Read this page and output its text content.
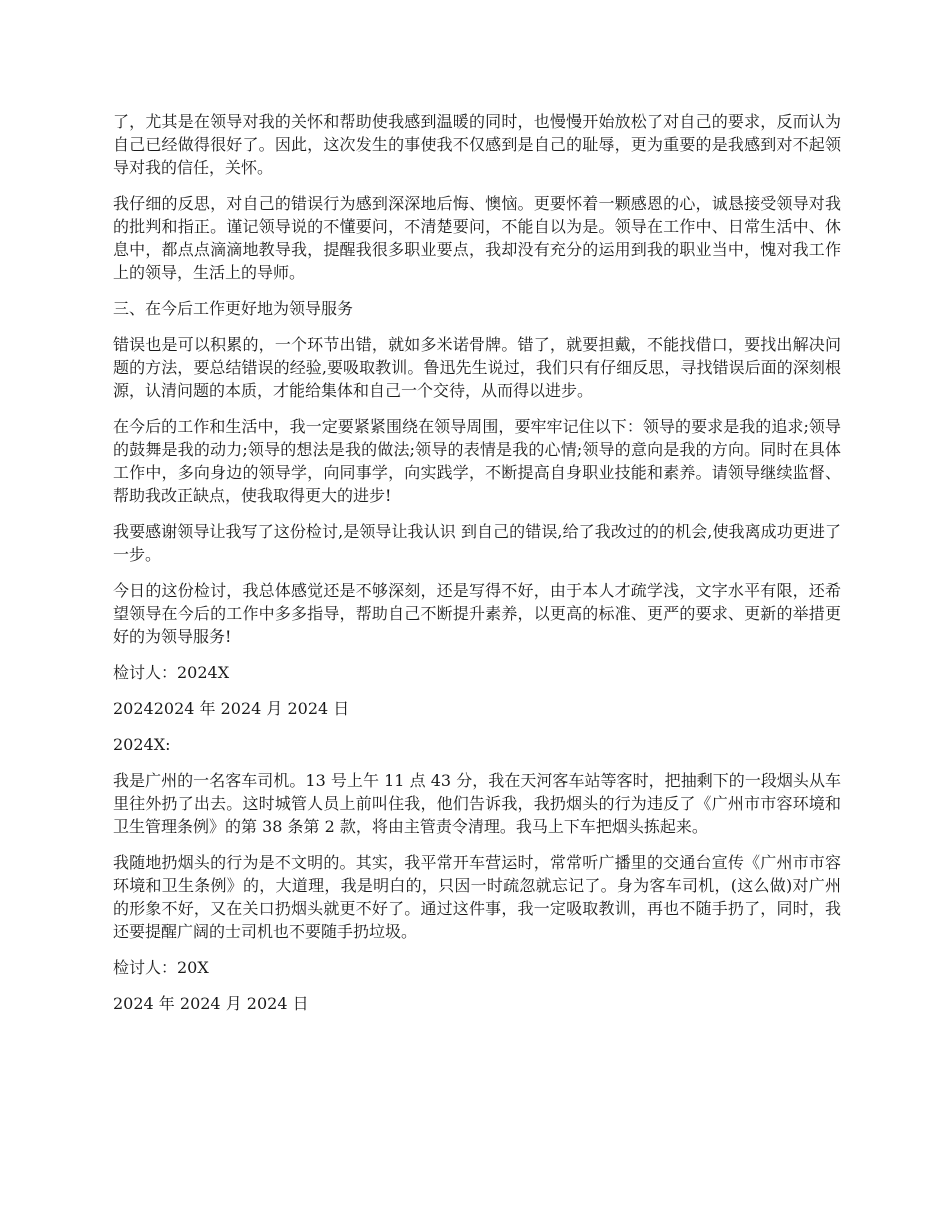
了，尤其是在领导对我的关怀和帮助使我感到温暖的同时，也慢慢开始放松了对自己的要求，反而认为自己已经做得很好了。因此，这次发生的事使我不仅感到是自己的耻辱，更为重要的是我感到对不起领导对我的信任，关怀。

我仔细的反思，对自己的错误行为感到深深地后悔、懊恼。更要怀着一颗感恩的心，诚恳接受领导对我的批判和指正。谨记领导说的不懂要问，不清楚要问，不能自以为是。领导在工作中、日常生活中、休息中，都点点滴滴地教导我，提醒我很多职业要点，我却没有充分的运用到我的职业当中，愧对我工作上的领导，生活上的导师。

三、在今后工作更好地为领导服务

错误也是可以积累的，一个环节出错，就如多米诺骨牌。错了，就要担戴，不能找借口，要找出解决问题的方法，要总结错误的经验,要吸取教训。鲁迅先生说过，我们只有仔细反思，寻找错误后面的深刻根源，认清问题的本质，才能给集体和自己一个交待，从而得以进步。

在今后的工作和生活中，我一定要紧紧围绕在领导周围，要牢牢记住以下：领导的要求是我的追求;领导的鼓舞是我的动力;领导的想法是我的做法;领导的表情是我的心情;领导的意向是我的方向。同时在具体工作中，多向身边的领导学，向同事学，向实践学，不断提高自身职业技能和素养。请领导继续监督、帮助我改正缺点，使我取得更大的进步!

我要感谢领导让我写了这份检讨,是领导让我认识 到自己的错误,给了我改过的的机会,使我离成功更进了一步。

今日的这份检讨，我总体感觉还是不够深刻，还是写得不好，由于本人才疏学浅，文字水平有限，还希望领导在今后的工作中多多指导，帮助自己不断提升素养，以更高的标准、更严的要求、更新的举措更好的为领导服务!

检讨人：2024X

20242024 年 2024 月 2024 日

2024X:

我是广州的一名客车司机。13 号上午 11 点 43 分，我在天河客车站等客时，把抽剩下的一段烟头从车里往外扔了出去。这时城管人员上前叫住我，他们告诉我，我扔烟头的行为违反了《广州市市容环境和卫生管理条例》的第 38 条第 2 款，将由主管责令清理。我马上下车把烟头拣起来。

我随地扔烟头的行为是不文明的。其实，我平常开车营运时，常常听广播里的交通台宣传《广州市市容环境和卫生条例》的，大道理，我是明白的，只因一时疏忽就忘记了。身为客车司机，(这么做)对广州的形象不好，又在关口扔烟头就更不好了。通过这件事，我一定吸取教训，再也不随手扔了，同时，我还要提醒广阔的士司机也不要随手扔垃圾。

检讨人：20X

2024 年 2024 月 2024 日
